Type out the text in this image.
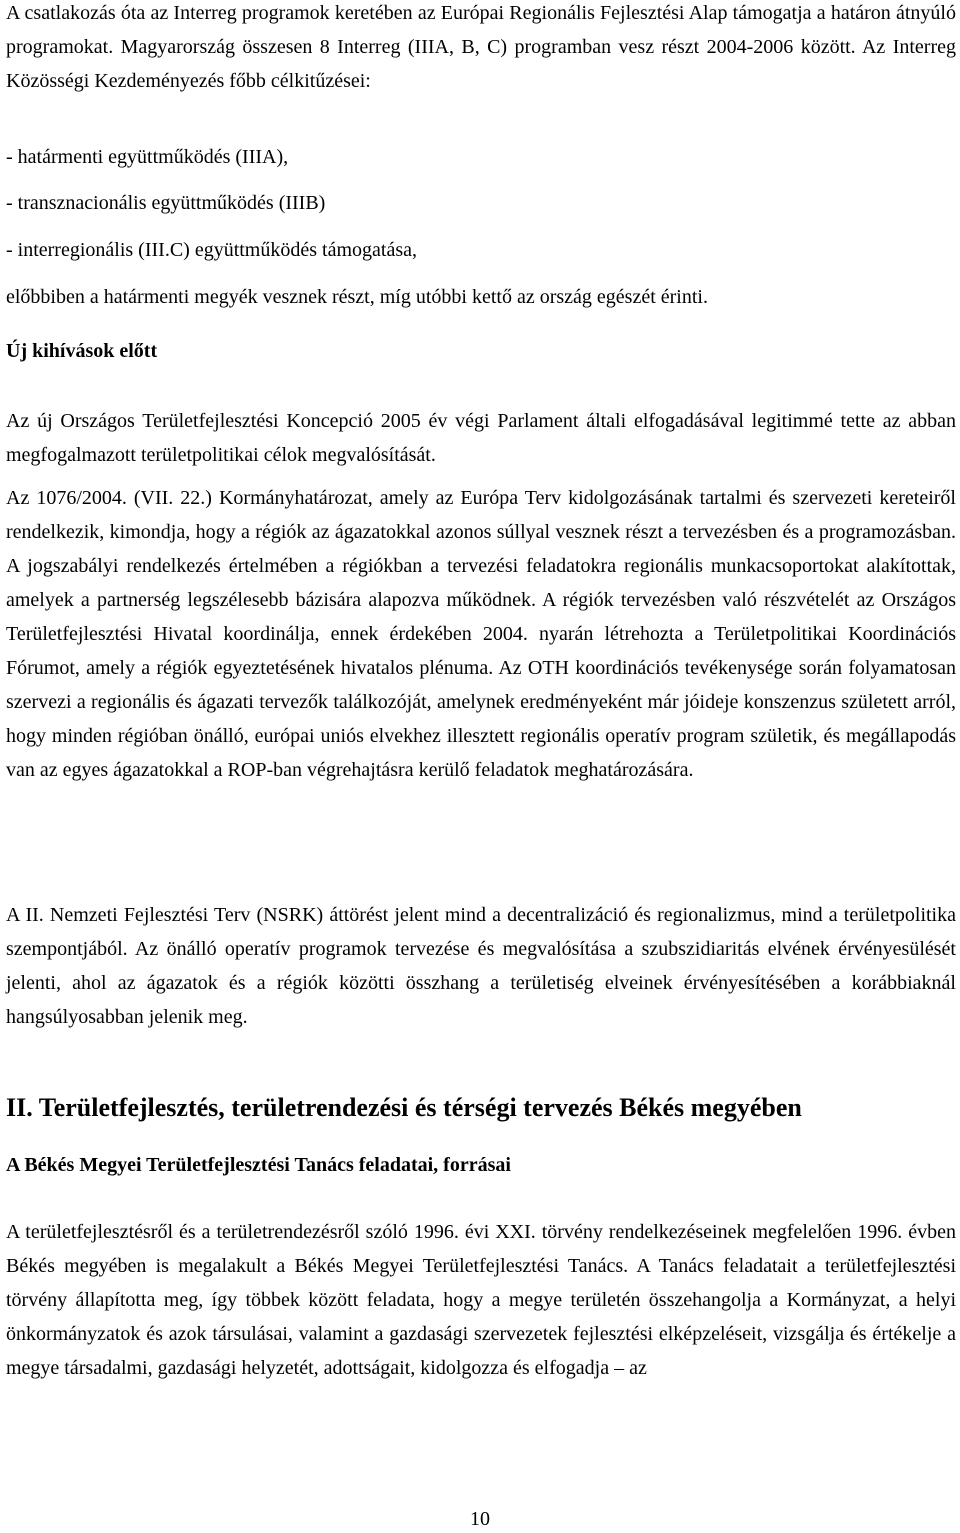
A csatlakozás óta az Interreg programok keretében az Európai Regionális Fejlesztési Alap támogatja a határon átnyúló programokat. Magyarország összesen 8 Interreg (IIIA, B, C) programban vesz részt 2004-2006 között. Az Interreg Közösségi Kezdeményezés főbb célkitűzései:

- határmenti együttműködés (IIIA),

- transznacionális együttműködés (IIIB)

- interregionális (III.C) együttműködés támogatása,

előbbiben a határmenti megyék vesznek részt, míg utóbbi kettő az ország egészét érinti.

Új kihívások előtt

Az új Országos Területfejlesztési Koncepció 2005 év végi Parlament általi elfogadásával legitimmé tette az abban megfogalmazott területpolitikai célok megvalósítását.

Az 1076/2004. (VII. 22.) Kormányhatározat, amely az Európa Terv kidolgozásának tartalmi és szervezeti kereteiről rendelkezik, kimondja, hogy a régiók az ágazatokkal azonos súllyal vesznek részt a tervezésben és a programozásban. A jogszabályi rendelkezés értelmében a régiókban a tervezési feladatokra regionális munkacsoportokat alakítottak, amelyek a partnerség legszélesebb bázisára alapozva működnek. A régiók tervezésben való részvételét az Országos Területfejlesztési Hivatal koordinálja, ennek érdekében 2004. nyarán létrehozta a Területpolitikai Koordinációs Fórumot, amely a régiók egyeztetésének hivatalos plénuma. Az OTH koordinációs tevékenysége során folyamatosan szervezi a regionális és ágazati tervezők találkozóját, amelynek eredményeként már jóideje konszenzus született arról, hogy minden régióban önálló, európai uniós elvekhez illesztett regionális operatív program születik, és megállapodás van az egyes ágazatokkal a ROP-ban végrehajtásra kerülő feladatok meghatározására.

A II. Nemzeti Fejlesztési Terv (NSRK) áttörést jelent mind a decentralizáció és regionalizmus, mind a területpolitika szempontjából. Az önálló operatív programok tervezése és megvalósítása a szubszidiaritás elvének érvényesülését jelenti, ahol az ágazatok és a régiók közötti összhang a területiség elveinek érvényesítésében a korábbiaknál hangsúlyosabban jelenik meg.

II. Területfejlesztés, területrendezési és térségi tervezés Békés megyében

A Békés Megyei Területfejlesztési Tanács feladatai, forrásai

A területfejlesztésről és a területrendezésről szóló 1996. évi XXI. törvény rendelkezéseinek megfelelően 1996. évben Békés megyében is megalakult a Békés Megyei Területfejlesztési Tanács. A Tanács feladatait a területfejlesztési törvény állapította meg, így többek között feladata, hogy a megye területén összehangolja a Kormányzat, a helyi önkormányzatok és azok társulásai, valamint a gazdasági szervezetek fejlesztési elképzeléseit, vizsgálja és értékelje a megye társadalmi, gazdasági helyzetét, adottságait, kidolgozza és elfogadja – az

10
